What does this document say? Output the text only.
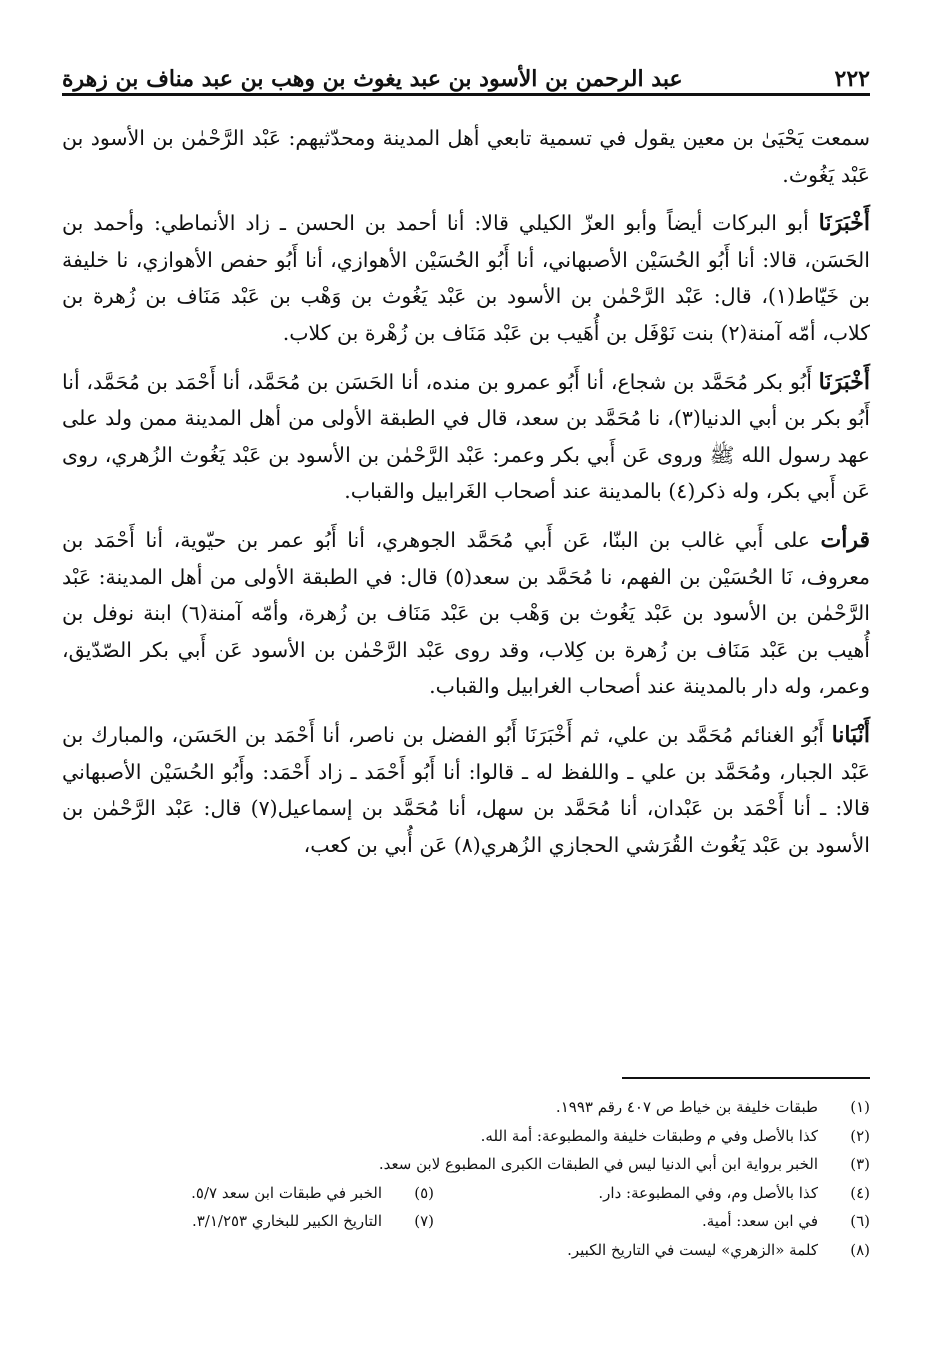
٢٢٢
عبد الرحمن بن الأسود بن عبد يغوث بن وهب بن عبد مناف بن زهرة

سمعت يَحْيَىٰ بن معين يقول في تسمية تابعي أهل المدينة ومحدّثيهم: عَبْد الرَّحْمٰن بن الأسود بن عَبْد يَغُوث.

أَخْبَرَنَا أبو البركات أيضاً وأبو العزّ الكيلي قالا: أنا أحمد بن الحسن ـ زاد الأنماطي: وأحمد بن الحَسَن، قالا: أنا أَبُو الحُسَيْن الأصبهاني، أنا أَبُو الحُسَيْن الأهوازي، أنا أَبُو حفص الأهوازي، نا خليفة بن خَيّاط(١)، قال: عَبْد الرَّحْمٰن بن الأسود بن عَبْد يَغُوث بن وَهْب بن عَبْد مَنَاف بن زُهرة بن كلاب، أمّه آمنة(٢) بنت نَوْفَل بن أُهَيب بن عَبْد مَنَاف بن زُهْرة بن كلاب.

أَخْبَرَنَا أَبُو بكر مُحَمَّد بن شجاع، أنا أَبُو عمرو بن منده، أنا الحَسَن بن مُحَمَّد، أنا أَحْمَد بن مُحَمَّد، أنا أَبُو بكر بن أبي الدنيا(٣)، نا مُحَمَّد بن سعد، قال في الطبقة الأولى من أهل المدينة ممن ولد على عهد رسول الله ﷺ وروى عَن أَبي بكر وعمر: عَبْد الرَّحْمٰن بن الأسود بن عَبْد يَغُوث الزُهري، روى عَن أَبي بكر، وله ذكر(٤) بالمدينة عند أصحاب الغَرابيل والقباب.

قرأت على أَبي غالب بن البنّا، عَن أَبي مُحَمَّد الجوهري، أنا أَبُو عمر بن حيّوية، أنا أَحْمَد بن معروف، نَا الحُسَيْن بن الفهم، نا مُحَمَّد بن سعد(٥) قال: في الطبقة الأولى من أهل المدينة: عَبْد الرَّحْمٰن بن الأسود بن عَبْد يَغُوث بن وَهْب بن عَبْد مَنَاف بن زُهرة، وأمّه آمنة(٦) ابنة نوفل بن أُهيب بن عَبْد مَنَاف بن زُهرة بن كِلاب، وقد روى عَبْد الرَّحْمٰن بن الأسود عَن أَبي بكر الصّدّيق، وعمر، وله دار بالمدينة عند أصحاب الغرابيل والقباب.

أَنْبَانا أَبُو الغنائم مُحَمَّد بن علي، ثم أَخْبَرَنَا أَبُو الفضل بن ناصر، أنا أَحْمَد بن الحَسَن، والمبارك بن عَبْد الجبار، ومُحَمَّد بن علي ـ واللفظ له ـ قالوا: أنا أَبُو أَحْمَد ـ زاد أَحْمَد: وأَبُو الحُسَيْن الأصبهاني قالا: ـ أنا أَحْمَد بن عَبْدان، أنا مُحَمَّد بن سهل، أنا مُحَمَّد بن إسماعيل(٧) قال: عَبْد الرَّحْمٰن بن الأسود بن عَبْد يَغُوث القُرَشي الحجازي الزُهري(٨) عَن أُبي بن كعب،

(١)
طبقات خليفة بن خياط ص ٤٠٧ رقم ١٩٩٣.
(٢)
كذا بالأصل وفي م وطبقات خليفة والمطبوعة: أمة الله.
(٣)
الخبر برواية ابن أبي الدنيا ليس في الطبقات الكبرى المطبوع لابن سعد.
(٤)
كذا بالأصل وم، وفي المطبوعة: دار.
(٥)
الخبر في طبقات ابن سعد ٥/٧.
(٦)
في ابن سعد: أمية.
(٧)
التاريخ الكبير للبخاري ٣/١/٢٥٣.
(٨)
كلمة «الزهري» ليست في التاريخ الكبير.
